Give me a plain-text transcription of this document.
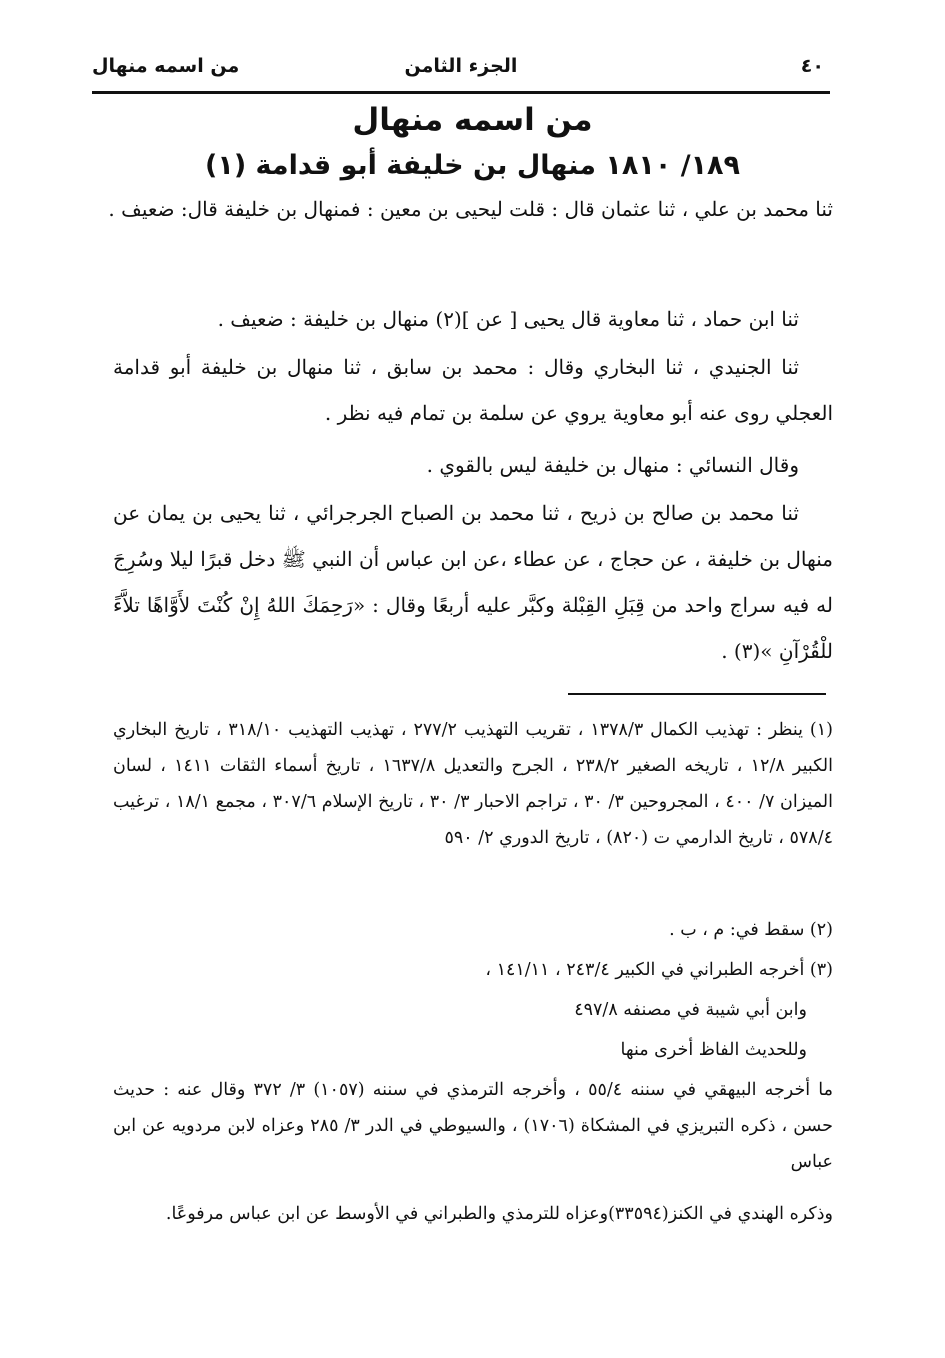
٤٠
الجزء الثامن
من اسمه منهال
من اسمه منهال
١٨٩/ ١٨١٠ منهال بن خليفة أبو قدامة (١)

ثنا محمد بن علي ، ثنا عثمان قال : قلت ليحيى بن معين : فمنهال بن خليفة قال: ضعيف .

ثنا ابن حماد ، ثنا معاوية قال يحيى [ عن ](٢) منهال بن خليفة : ضعيف .

ثنا الجنيدي ، ثنا البخاري وقال : محمد بن سابق ، ثنا منهال بن خليفة أبو قدامة العجلي روى عنه أبو معاوية يروي عن سلمة بن تمام فيه نظر .

وقال النسائي : منهال بن خليفة ليس بالقوي .

ثنا محمد بن صالح بن ذريح ، ثنا محمد بن الصباح الجرجرائي ، ثنا يحيى بن يمان عن منهال بن خليفة ، عن حجاج ، عن عطاء ،عن ابن عباس أن النبي ﷺ دخل قبرًا ليلا وسُرِجَ له فيه سراج واحد من قِبَلِ القِبْلة وكبَّر عليه أربعًا وقال : «رَحِمَكَ اللهُ إِنْ كُنْتَ لأَوَّاهًا تلاَّءً للْقُرْآنِ »(٣) .

(١) ينظر : تهذيب الكمال ١٣٧٨/٣ ، تقريب التهذيب ٢٧٧/٢ ، تهذيب التهذيب ٣١٨/١٠ ، تاريخ البخاري الكبير ١٢/٨ ، تاريخه الصغير ٢٣٨/٢ ، الجرح والتعديل ١٦٣٧/٨ ، تاريخ أسماء الثقات ١٤١١ ، لسان الميزان ٧/ ٤٠٠ ، المجروحين ٣/ ٣٠ ، تراجم الاحبار ٣/ ٣٠ ، تاريخ الإسلام ٣٠٧/٦ ، مجمع ١٨/١ ، ترغيب ٥٧٨/٤ ، تاريخ الدارمي ت (٨٢٠) ، تاريخ الدوري ٢/ ٥٩٠
(٢) سقط في: م ، ب .
(٣) أخرجه الطبراني في الكبير ٢٤٣/٤ ، ١٤١/١١ ،
وابن أبي شيبة في مصنفه ٤٩٧/٨
وللحديث الفاظ أخرى منها
ما أخرجه البيهقي في سننه ٥٥/٤ ، وأخرجه الترمذي في سننه (١٠٥٧) ٣/ ٣٧٢ وقال عنه : حديث حسن ، ذكره التبريزي في المشكاة (١٧٠٦) ، والسيوطي في الدر ٣/ ٢٨٥ وعزاه لابن مردويه عن ابن عباس
وذكره الهندي في الكنز(٣٣٥٩٤)وعزاه للترمذي والطبراني في الأوسط عن ابن عباس مرفوعًا.
